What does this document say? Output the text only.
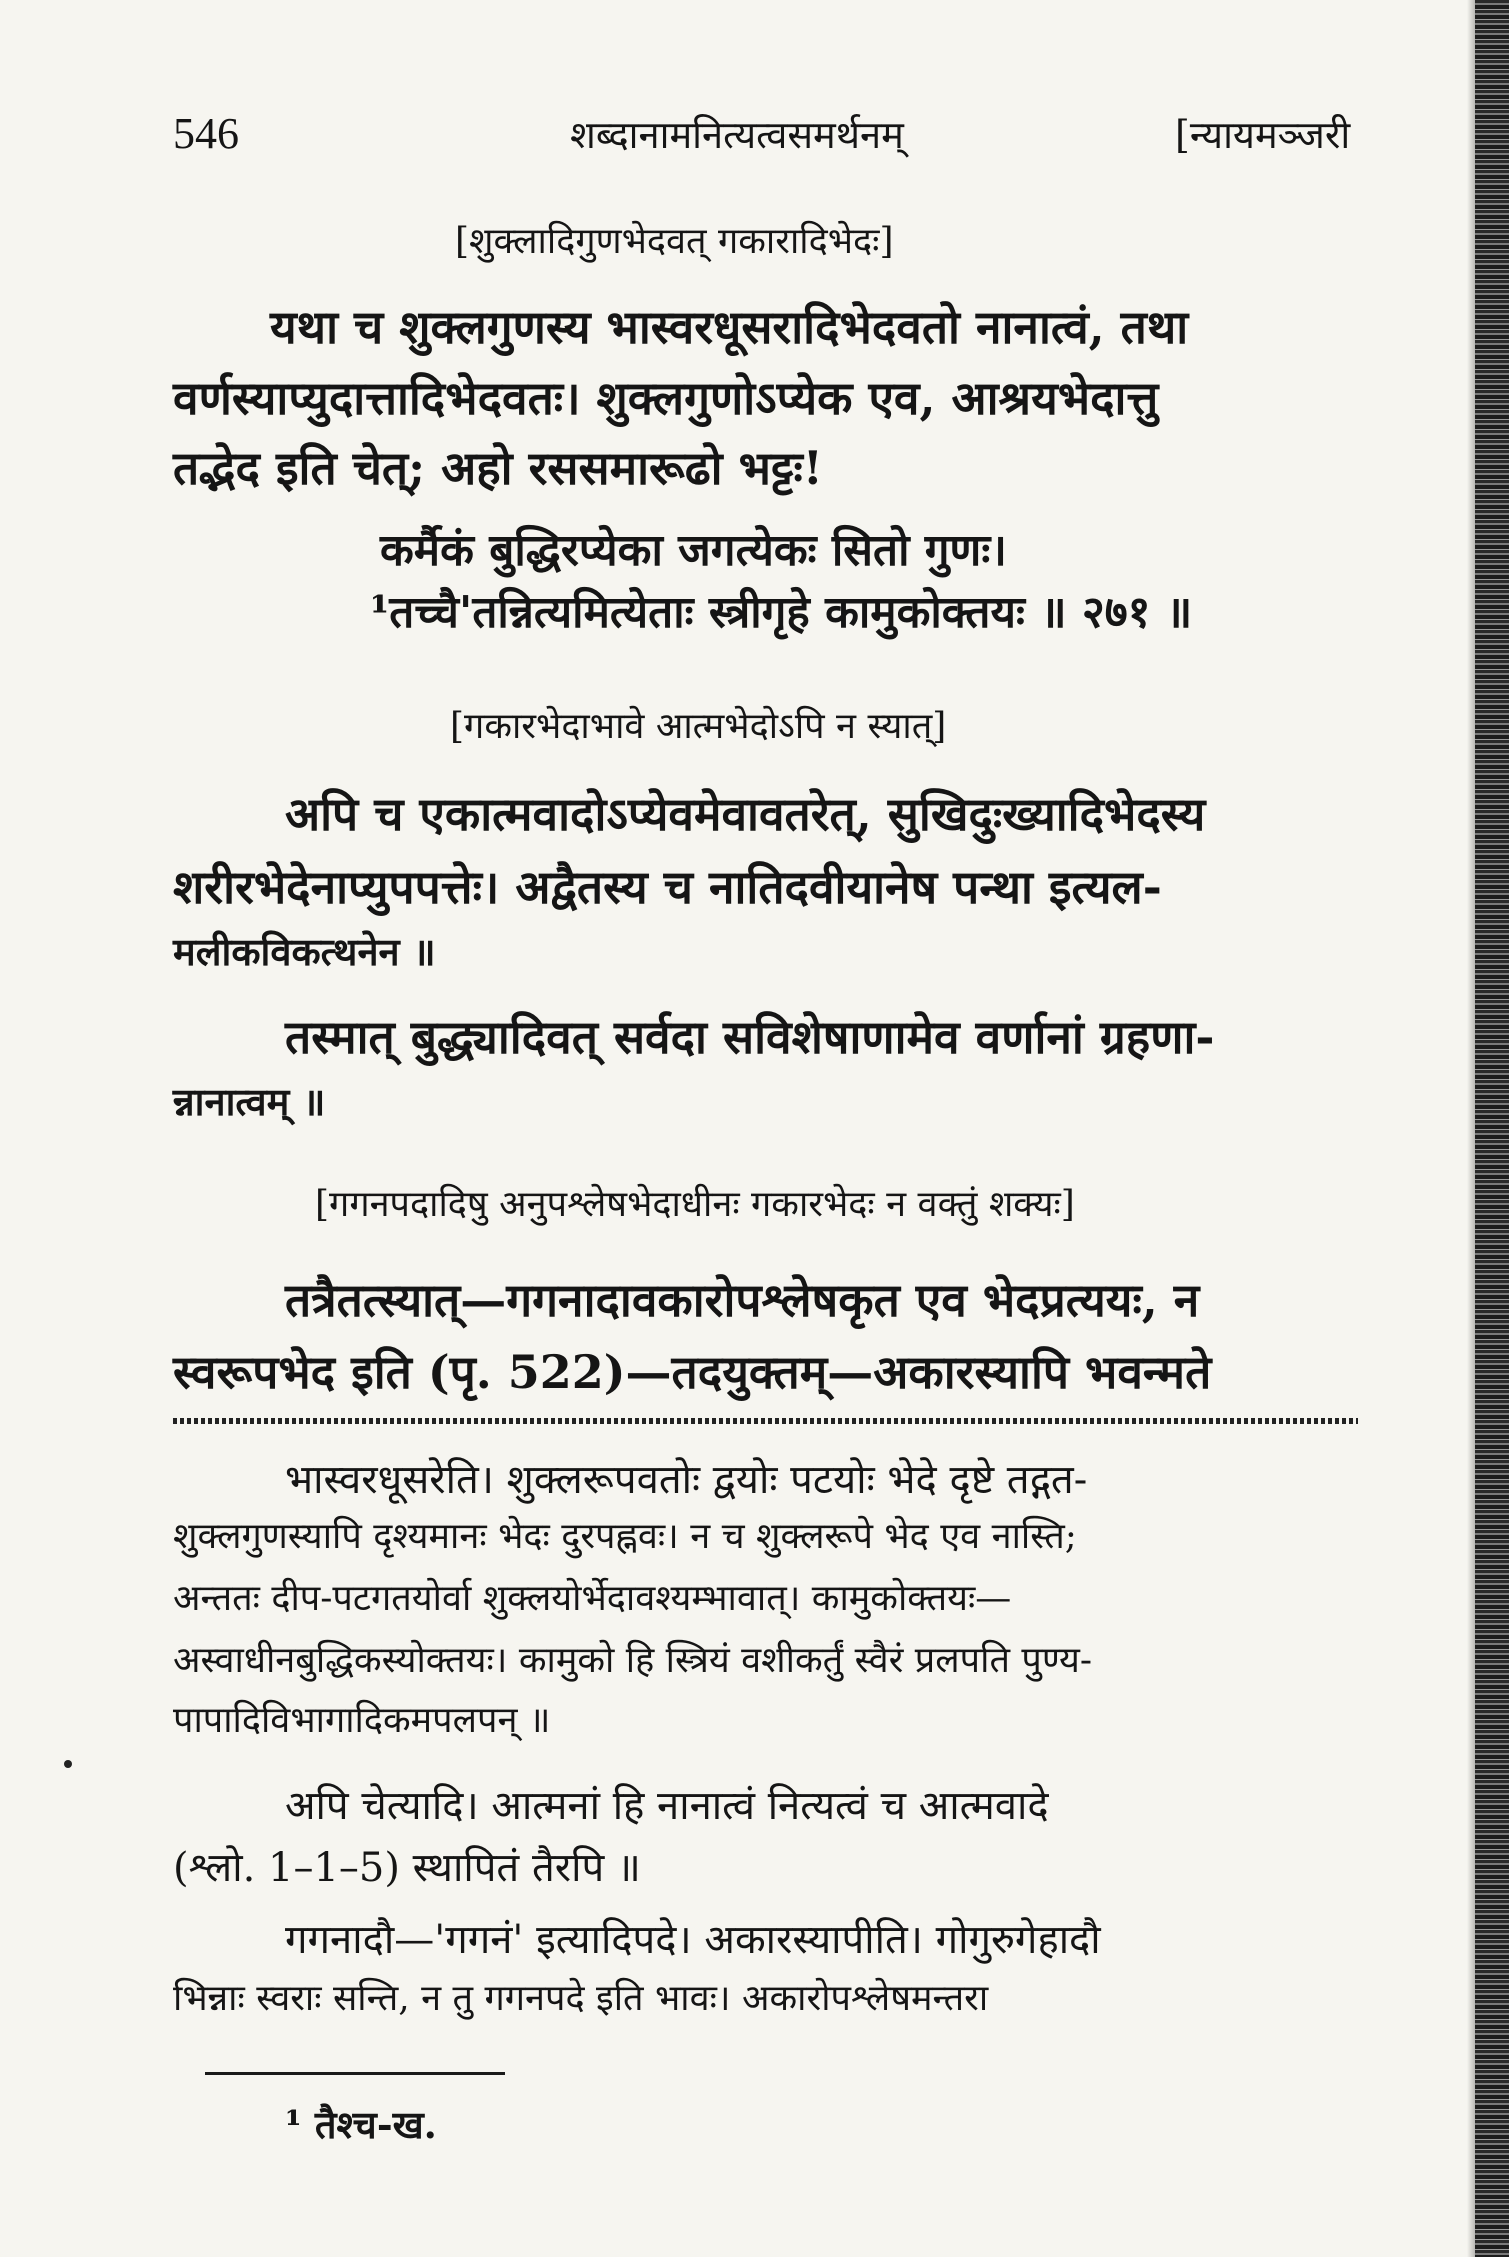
546	शब्दानामनित्यत्वसमर्थनम्	[न्यायमञ्जरी
[शुक्लादिगुणभेदवत् गकारादिभेदः]
यथा च शुक्लगुणस्य भास्वरधूसरादिभेदवतो नानात्वं, तथा
वर्णस्याप्युदात्तादिभेदवतः। शुक्लगुणोऽप्येक एव, आश्रयभेदात्तु
तद्भेद इति चेत्; अहो रससमारूढो भट्टः!
कर्मैकं बुद्धिरप्येका जगत्येकः सितो गुणः।
¹तच्चै'तन्नित्यमित्येताः स्त्रीगृहे कामुकोक्तयः ॥ २७१ ॥
[गकारभेदाभावे आत्मभेदोऽपि न स्यात्]
अपि च एकात्मवादोऽप्येवमेवावतरेत्, सुखिदुःख्यादिभेदस्य
शरीरभेदेनाप्युपपत्तेः। अद्वैतस्य च नातिदवीयानेष पन्था इत्यल-
मलीकविकत्थनेन ॥
तस्मात् बुद्ध्यादिवत् सर्वदा सविशेषाणामेव वर्णानां ग्रहणा-
न्नानात्वम् ॥
[गगनपदादिषु अनुपश्लेषभेदाधीनः गकारभेदः न वक्तुं शक्यः]
तत्रैतत्स्यात्—गगनादावकारोपश्लेषकृत एव भेदप्रत्ययः, न
स्वरूपभेद इति (पृ. 522)—तदयुक्तम्—अकारस्यापि भवन्मते
भास्वरधूसरेति। शुक्लरूपवतोः द्वयोः पटयोः भेदे दृष्टे तद्गत-
शुक्लगुणस्यापि दृश्यमानः भेदः दुरपह्नवः। न च शुक्लरूपे भेद एव नास्ति;
अन्ततः दीप-पटगतयोर्वा शुक्लयोर्भेदावश्यम्भावात्। कामुकोक्तयः—
अस्वाधीनबुद्धिकस्योक्तयः। कामुको हि स्त्रियं वशीकर्तुं स्वैरं प्रलपति पुण्य-
पापादिविभागादिकमपलपन् ॥
अपि चेत्यादि। आत्मनां हि नानात्वं नित्यत्वं च आत्मवादे
(श्लो. 1–1–5) स्थापितं तैरपि ॥
गगनादौ—'गगनं' इत्यादिपदे। अकारस्यापीति। गोगुरुगेहादौ
भिन्नाः स्वराः सन्ति, न तु गगनपदे इति भावः। अकारोपश्लेषमन्तरा
¹ तैश्च-ख.
